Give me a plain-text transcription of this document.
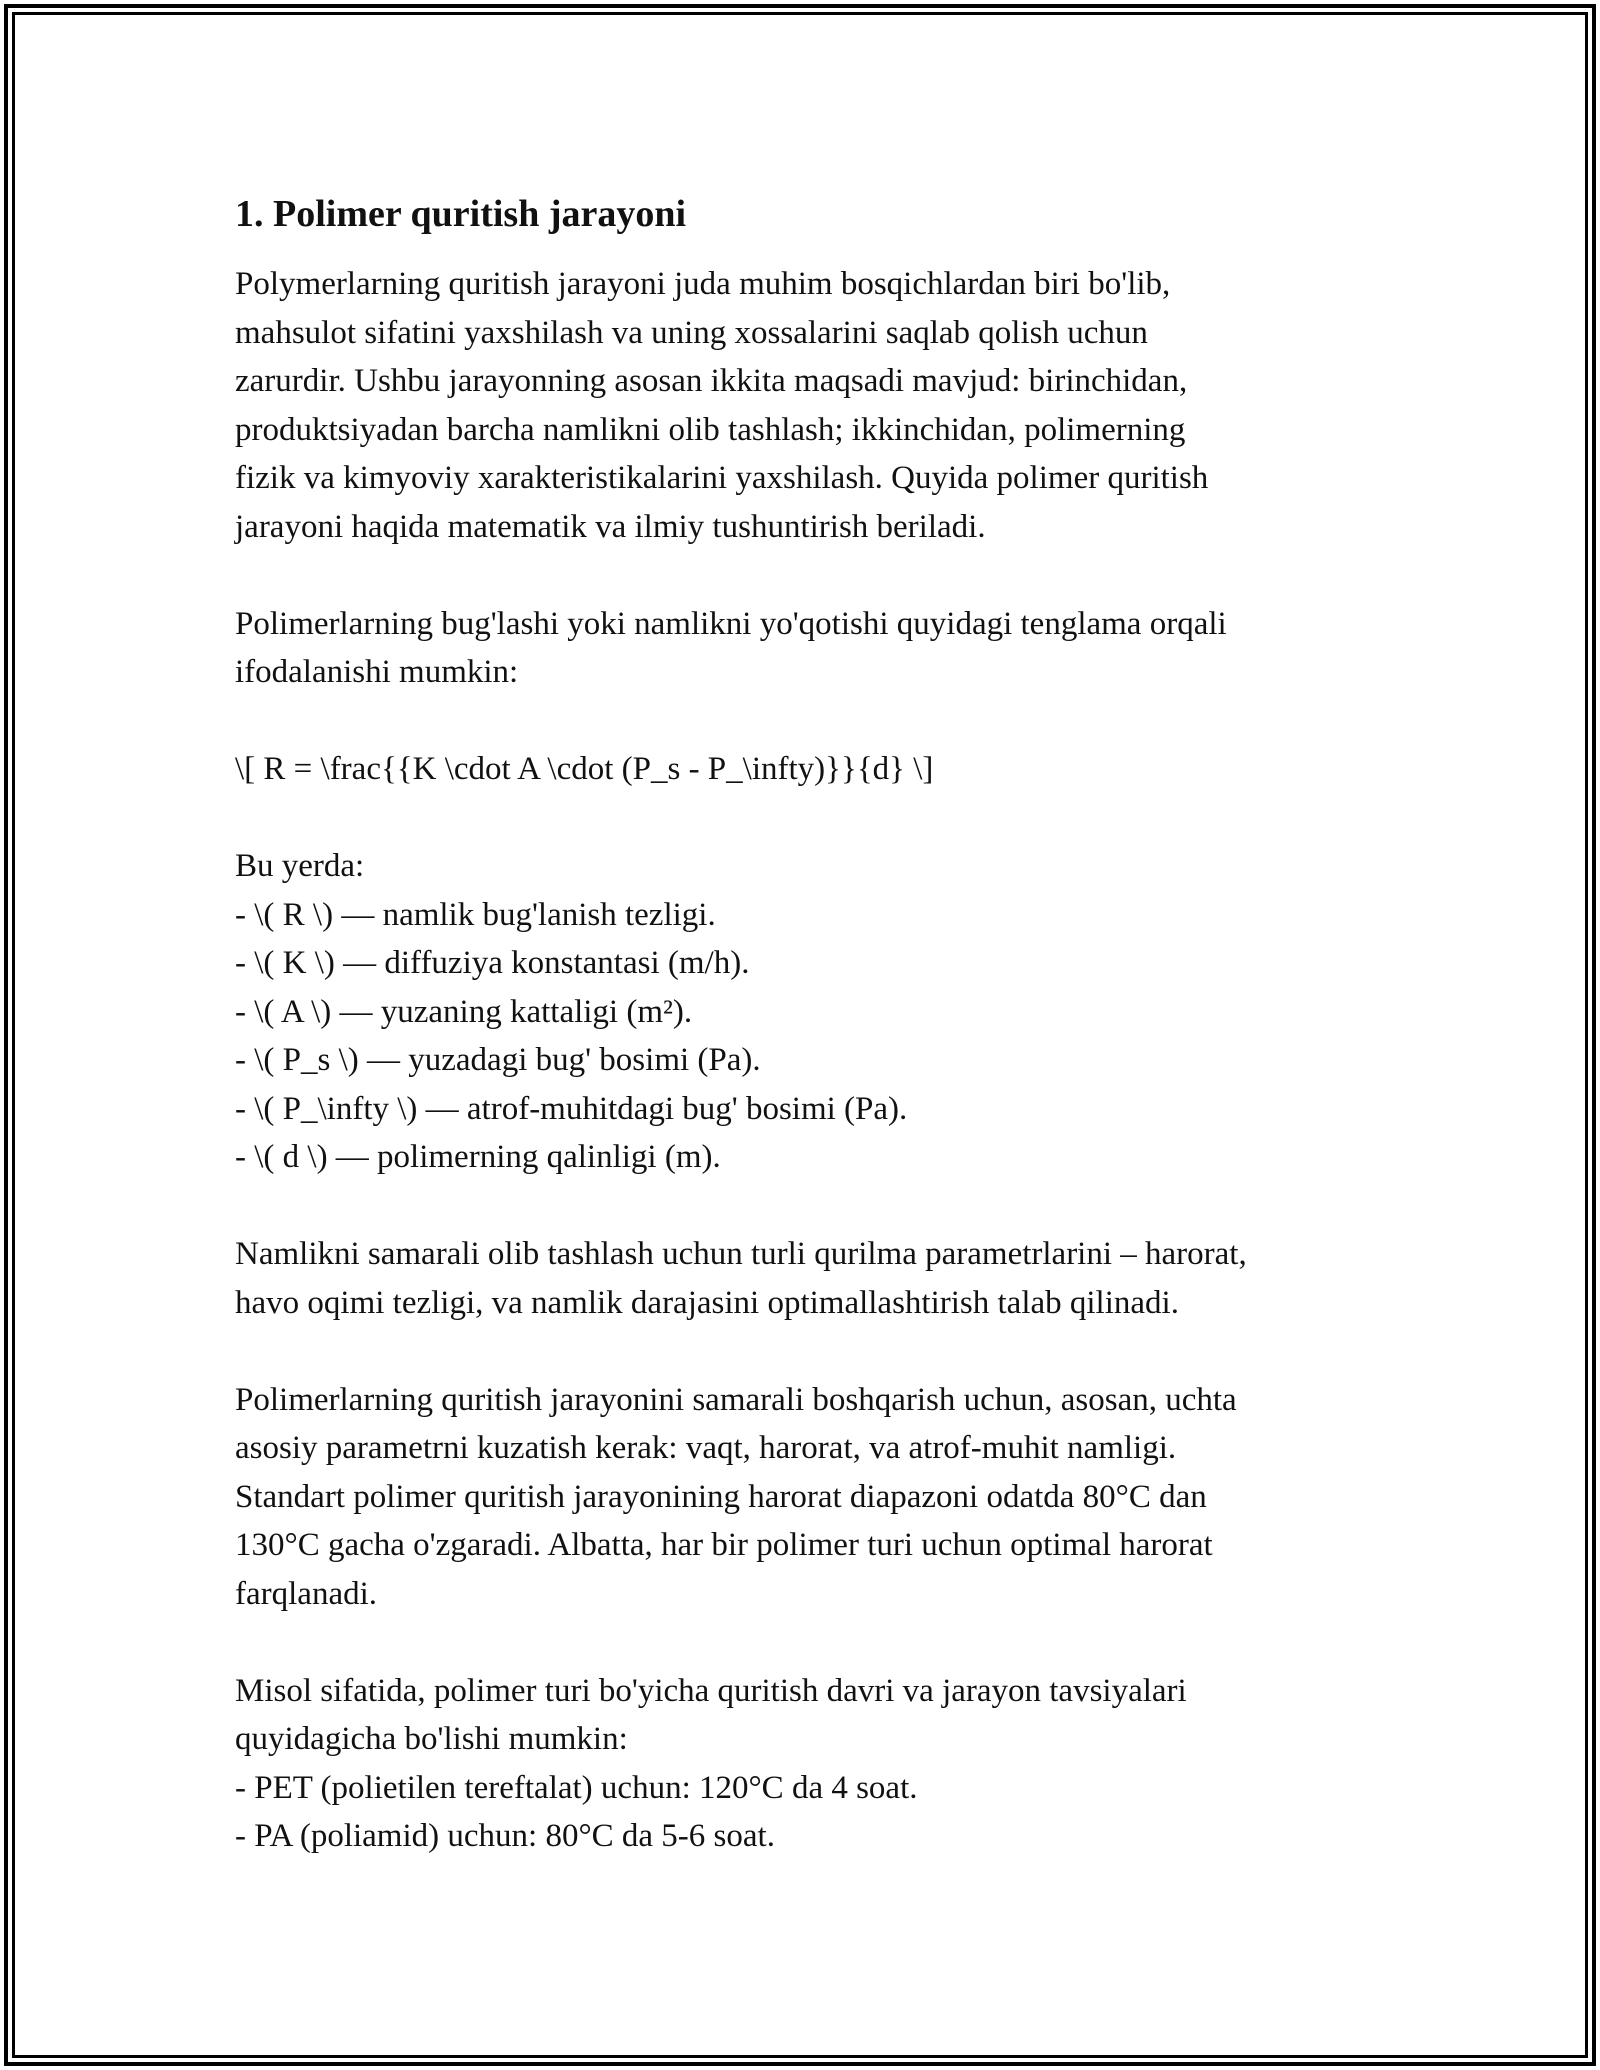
1. Polimer quritish jarayoni

Polymerlarning quritish jarayoni juda muhim bosqichlardan biri bo'lib,
mahsulot sifatini yaxshilash va uning xossalarini saqlab qolish uchun
zarurdir. Ushbu jarayonning asosan ikkita maqsadi mavjud: birinchidan,
produktsiyadan barcha namlikni olib tashlash; ikkinchidan, polimerning
fizik va kimyoviy xarakteristikalarini yaxshilash. Quyida polimer quritish
jarayoni haqida matematik va ilmiy tushuntirish beriladi.

Polimerlarning bug'lashi yoki namlikni yo'qotishi quyidagi tenglama orqali
ifodalanishi mumkin:

\[ R = \frac{{K \cdot A \cdot (P_s - P_\infty)}}{d} \]

Bu yerda:

- \( R \) — namlik bug'lanish tezligi.

- \( K \) — diffuziya konstantasi (m/h).

- \( A \) — yuzaning kattaligi (m²).

- \( P_s \) — yuzadagi bug' bosimi (Pa).

- \( P_\infty \) — atrof-muhitdagi bug' bosimi (Pa).

- \( d \) — polimerning qalinligi (m).

Namlikni samarali olib tashlash uchun turli qurilma parametrlarini – harorat,
havo oqimi tezligi, va namlik darajasini optimallashtirish talab qilinadi.

Polimerlarning quritish jarayonini samarali boshqarish uchun, asosan, uchta
asosiy parametrni kuzatish kerak: vaqt, harorat, va atrof-muhit namligi.
Standart polimer quritish jarayonining harorat diapazoni odatda 80°C dan
130°C gacha o'zgaradi. Albatta, har bir polimer turi uchun optimal harorat
farqlanadi.

Misol sifatida, polimer turi bo'yicha quritish davri va jarayon tavsiyalari
quyidagicha bo'lishi mumkin:

- PET (polietilen tereftalat) uchun: 120°C da 4 soat.

- PA (poliamid) uchun: 80°C da 5-6 soat.
